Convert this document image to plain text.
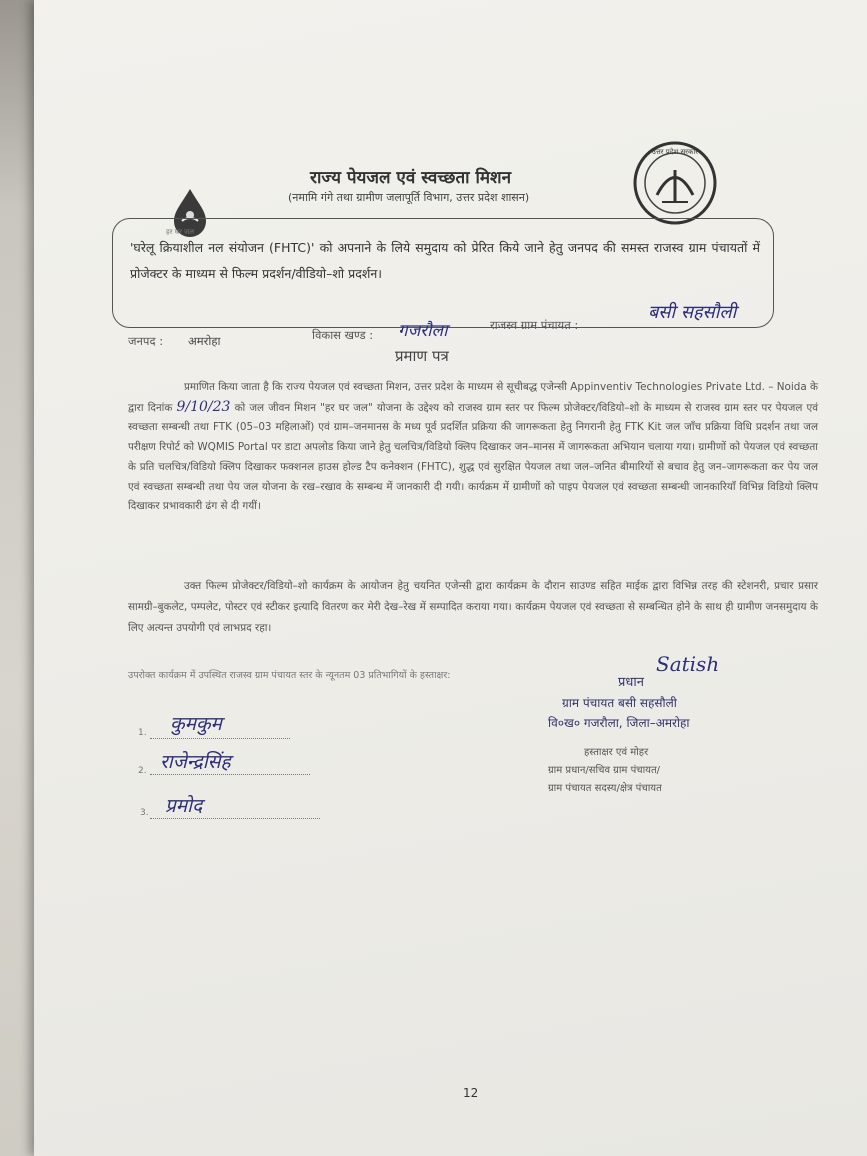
हर घर जल
राज्य पेयजल एवं स्वच्छता मिशन
(नमामि गंगे तथा ग्रामीण जलापूर्ति विभाग, उत्तर प्रदेश शासन)
उत्तर प्रदेश सरकार
'घरेलू क्रियाशील नल संयोजन (FHTC)' को अपनाने के लिये समुदाय को प्रेरित किये जाने हेतु जनपद की समस्त राजस्व ग्राम पंचायतों में प्रोजेक्टर के माध्यम से फिल्म प्रदर्शन/वीडियो–शो प्रदर्शन।
जनपद : अमरोहा	विकास खण्ड : गजरौला	राजस्व ग्राम पंचायत :
बसी सहसौली
प्रमाण पत्र

प्रमाणित किया जाता है कि राज्य पेयजल एवं स्वच्छता मिशन, उत्तर प्रदेश के माध्यम से सूचीबद्ध एजेन्सी Appinventiv Technologies Private Ltd. – Noida के द्वारा दिनांक 9/10/23 को जल जीवन मिशन "हर घर जल" योजना के उद्देश्य को राजस्व ग्राम स्तर पर फिल्म प्रोजेक्टर/विडियो–शो के माध्यम से राजस्व ग्राम स्तर पर पेयजल एवं स्वच्छता सम्बन्धी तथा FTK (05–03 महिलाओं) एवं ग्राम–जनमानस के मध्य पूर्व प्रदर्शित प्रक्रिया की जागरूकता हेतु निगरानी हेतु FTK Kit जल जाँच प्रक्रिया विधि प्रदर्शन तथा जल परीक्षण रिपोर्ट को WQMIS Portal पर डाटा अपलोड किया जाने हेतु चलचित्र/विडियो क्लिप दिखाकर जन–मानस में जागरूकता अभियान चलाया गया। ग्रामीणों को पेयजल एवं स्वच्छता के प्रति चलचित्र/विडियो क्लिप दिखाकर फक्शनल हाउस होल्ड टैप कनेक्शन (FHTC), शुद्ध एवं सुरक्षित पेयजल तथा जल–जनित बीमारियों से बचाव हेतु जन–जागरूकता कर पेय जल एवं स्वच्छता सम्बन्धी तथा पेय जल योजना के रख–रखाव के सम्बन्ध में जानकारी दी गयी। कार्यक्रम में ग्रामीणों को पाइप पेयजल एवं स्वच्छता सम्बन्धी जानकारियाँ विभिन्न विडियो क्लिप दिखाकर प्रभावकारी ढंग से दी गयीं।

उक्त फिल्म प्रोजेक्टर/विडियो–शो कार्यक्रम के आयोजन हेतु चयनित एजेन्सी द्वारा कार्यक्रम के दौरान साउण्ड सहित माईक द्वारा विभिन्न तरह की स्टेशनरी, प्रचार प्रसार सामग्री–बुकलेट, पम्पलेट, पोस्टर एवं स्टीकर इत्यादि वितरण कर मेरी देख–रेख में सम्पादित कराया गया। कार्यक्रम पेयजल एवं स्वच्छता से सम्बन्धित होने के साथ ही ग्रामीण जनसमुदाय के लिए अत्यन्त उपयोगी एवं लाभप्रद रहा।
उपरोक्त कार्यक्रम में उपस्थित राजस्व ग्राम पंचायत स्तर के न्यूनतम 03 प्रतिभागियों के हस्ताक्षर:
1. कुमकुम
2. राजेन्द्रसिंह
3. प्रमोद
प्रधान
Satish
ग्राम पंचायत बसी सहसौली
वि०ख० गजरौला, जिला–अमरोहा
हस्ताक्षर एवं मोहर
ग्राम प्रधान/सचिव ग्राम पंचायत/
ग्राम पंचायत सदस्य/क्षेत्र पंचायत
12
